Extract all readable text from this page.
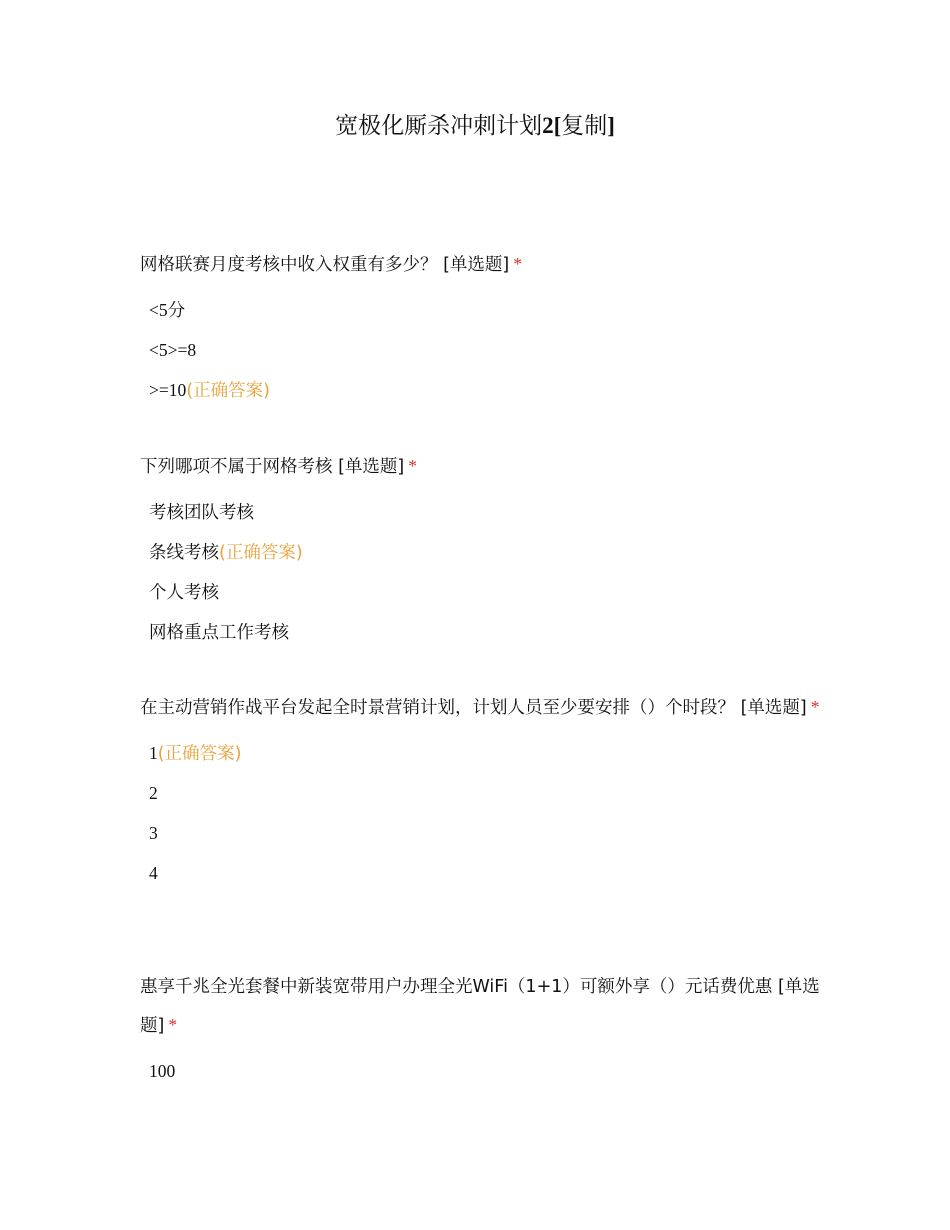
宽极化厮杀冲刺计划2[复制]

网格联赛月度考核中收入权重有多少？ [单选题] *

<5分
<5>=8
>=10(正确答案)

下列哪项不属于网格考核 [单选题] *

考核团队考核
条线考核(正确答案)
个人考核
网格重点工作考核

在主动营销作战平台发起全时景营销计划，计划人员至少要安排（）个时段？ [单选题] *

1(正确答案)
2
3
4

惠享千兆全光套餐中新装宽带用户办理全光WiFi（1+1）可额外享（）元话费优惠 [单选题] *

100
